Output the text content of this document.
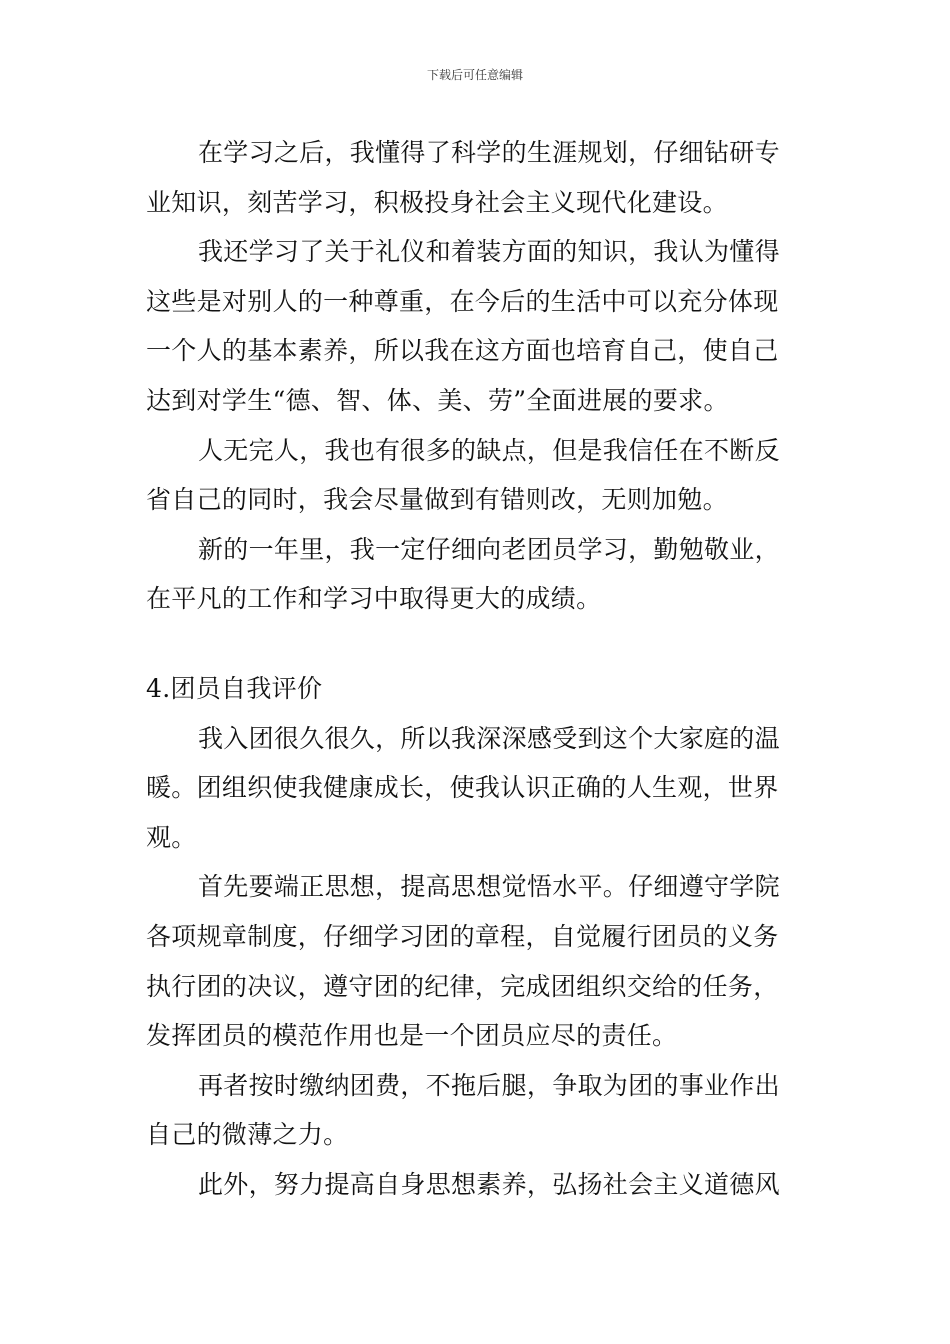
下载后可任意编辑
在学习之后，我懂得了科学的生涯规划，仔细钻研专
业知识，刻苦学习，积极投身社会主义现代化建设。
我还学习了关于礼仪和着装方面的知识，我认为懂得
这些是对别人的一种尊重，在今后的生活中可以充分体现
一个人的基本素养，所以我在这方面也培育自己，使自己
达到对学生“德、智、体、美、劳”全面进展的要求。
人无完人，我也有很多的缺点，但是我信任在不断反
省自己的同时，我会尽量做到有错则改，无则加勉。
新的一年里，我一定仔细向老团员学习，勤勉敬业，
在平凡的工作和学习中取得更大的成绩。
4.团员自我评价
我入团很久很久，所以我深深感受到这个大家庭的温
暖。团组织使我健康成长，使我认识正确的人生观，世界
观。
首先要端正思想，提高思想觉悟水平。仔细遵守学院
各项规章制度，仔细学习团的章程，自觉履行团员的义务
执行团的决议，遵守团的纪律，完成团组织交给的任务，
发挥团员的模范作用也是一个团员应尽的责任。
再者按时缴纳团费，不拖后腿，争取为团的事业作出
自己的微薄之力。
此外，努力提高自身思想素养，弘扬社会主义道德风
